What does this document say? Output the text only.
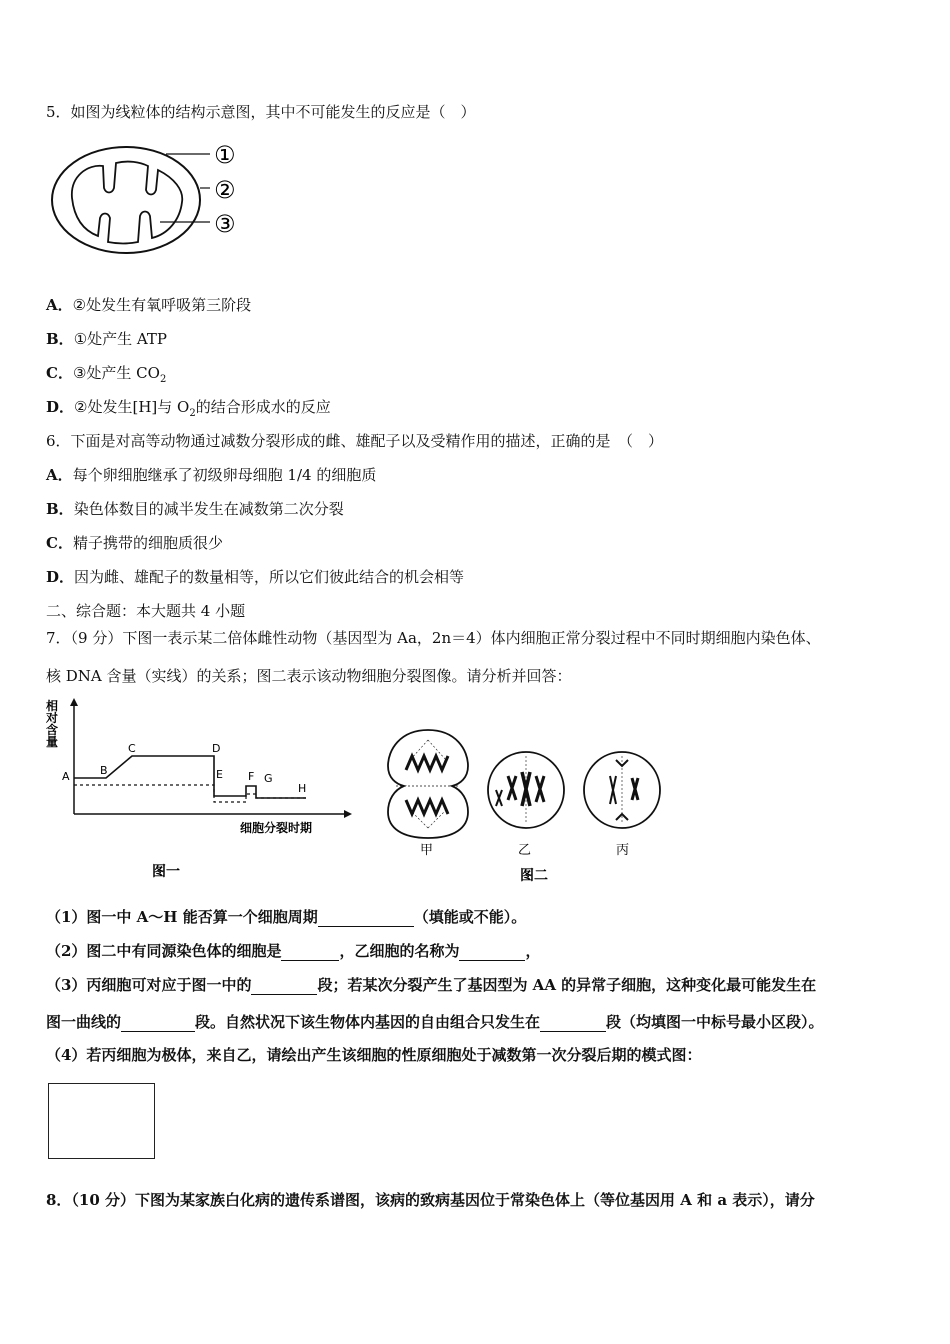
5．如图为线粒体的结构示意图，其中不可能发生的反应是（　）
①
②
③
A．②处发生有氧呼吸第三阶段
B．①处产生 ATP
C．③处产生 $CO_2$
D．②处发生[H]与 $O_2$的结合形成水的反应
6．下面是对高等动物通过减数分裂形成的雌、雄配子以及受精作用的描述，正确的是　（　）
A．每个卵细胞继承了初级卵母细胞 1/4 的细胞质
B．染色体数目的减半发生在减数第二次分裂
C．精子携带的细胞质很少
D．因为雌、雄配子的数量相等，所以它们彼此结合的机会相等
二、综合题：本大题共 4 小题
7．（9 分）下图一表示某二倍体雌性动物（基因型为 Aa，2n＝4）体内细胞正常分裂过程中不同时期细胞内染色体、
核 DNA 含量（实线）的关系；图二表示该动物细胞分裂图像。请分析并回答：
A	B
C	D
E F G
H
相
对
含
量
细胞分裂时期
图一
甲	乙	丙
图二
（1）图一中 A～H 能否算一个细胞周期	（填能或不能）。
（2）图二中有同源染色体的细胞是	，乙细胞的名称为	，
（3）丙细胞可对应于图一中的	段；若某次分裂产生了基因型为 AA 的异常子细胞，这种变化最可能发生在
图一曲线的	段。自然状况下该生物体内基因的自由组合只发生在	段（均填图一中标号最小区段）。
（4）若丙细胞为极体，来自乙，请绘出产生该细胞的性原细胞处于减数第一次分裂后期的模式图：
8．（10 分）下图为某家族白化病的遗传系谱图，该病的致病基因位于常染色体上（等位基因用 A 和 a 表示），请分
